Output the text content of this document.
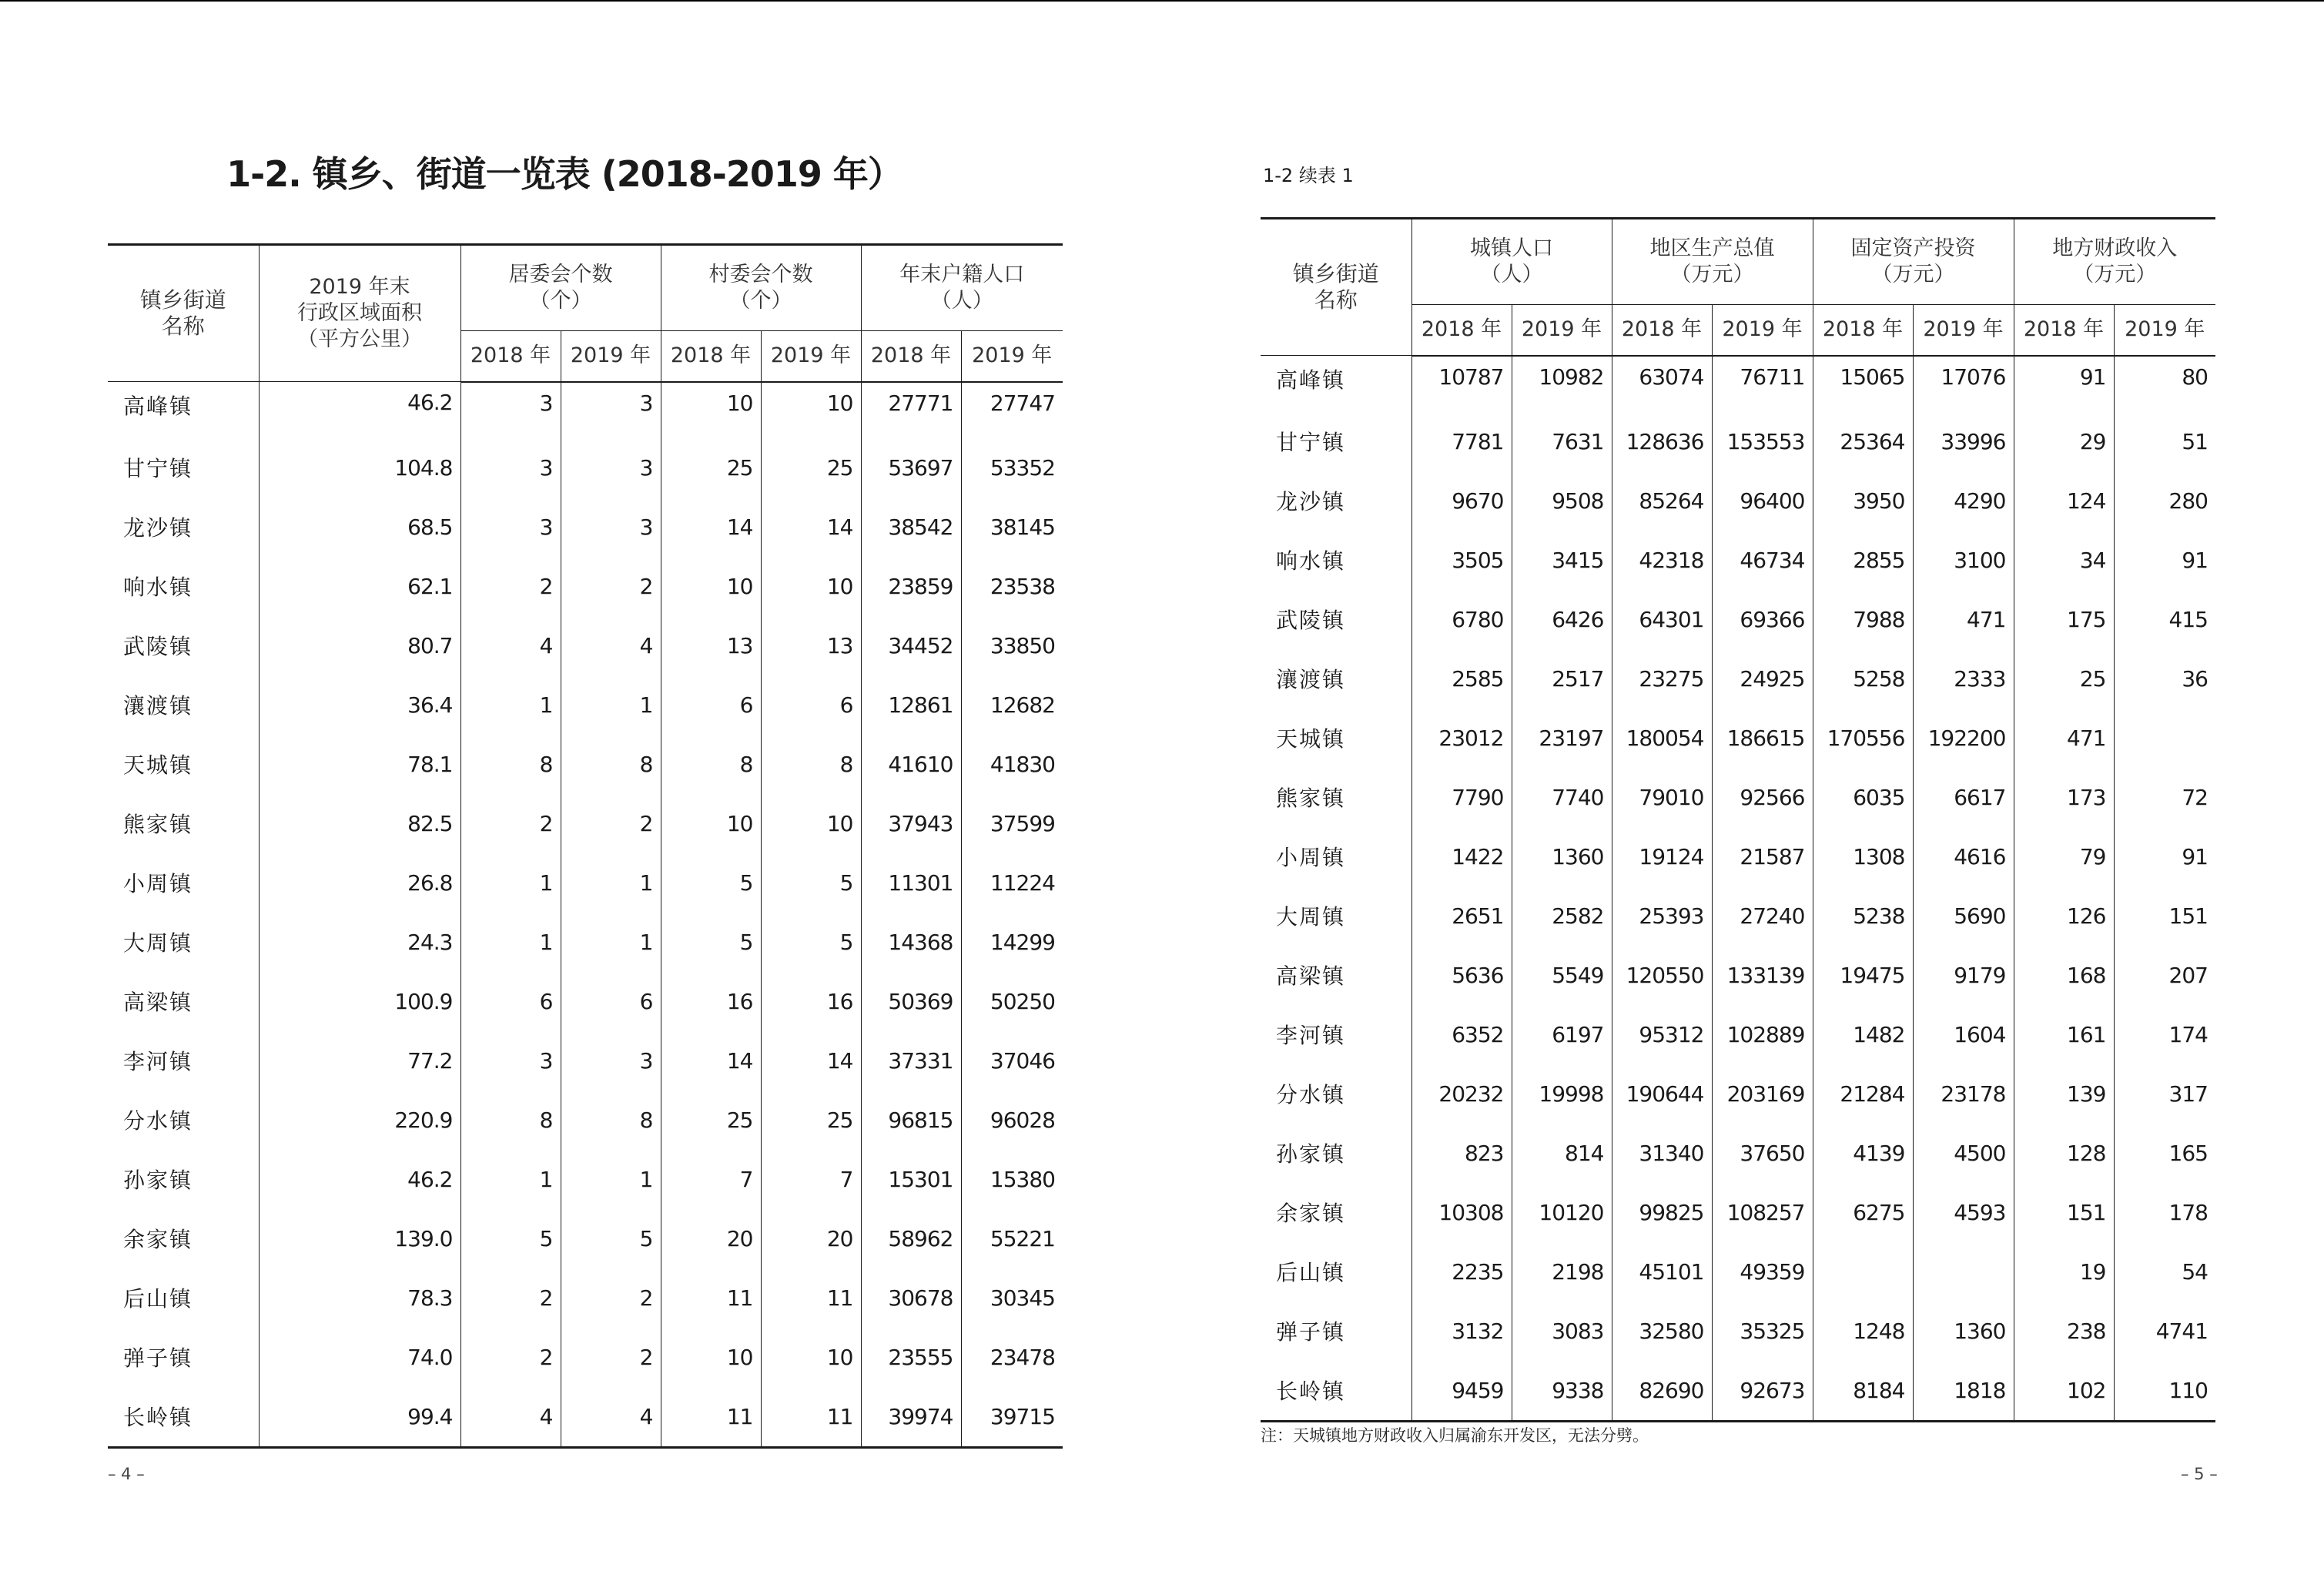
1-2. 镇乡、街道一览表 (2018-2019 年）
镇乡街道
名称	2019 年末
行政区域面积
（平方公里）	居委会个数
（个）		村委会个数
（个）		年末户籍人口
（人）	
		2018 年	2019 年	2018 年	2019 年	2018 年	2019 年
高峰镇	46.2	3	3	10	10	27771	27747
甘宁镇	104.8	3	3	25	25	53697	53352
龙沙镇	68.5	3	3	14	14	38542	38145
响水镇	62.1	2	2	10	10	23859	23538
武陵镇	80.7	4	4	13	13	34452	33850
瀼渡镇	36.4	1	1	6	6	12861	12682
天城镇	78.1	8	8	8	8	41610	41830
熊家镇	82.5	2	2	10	10	37943	37599
小周镇	26.8	1	1	5	5	11301	11224
大周镇	24.3	1	1	5	5	14368	14299
高梁镇	100.9	6	6	16	16	50369	50250
李河镇	77.2	3	3	14	14	37331	37046
分水镇	220.9	8	8	25	25	96815	96028
孙家镇	46.2	1	1	7	7	15301	15380
余家镇	139.0	5	5	20	20	58962	55221
后山镇	78.3	2	2	11	11	30678	30345
弹子镇	74.0	2	2	10	10	23555	23478
长岭镇	99.4	4	4	11	11	39974	39715
– 4 –
1-2 续表 1
镇乡街道
名称	城镇人口
（人）		地区生产总值
（万元）		固定资产投资
（万元）		地方财政收入
（万元）	
	2018 年	2019 年	2018 年	2019 年	2018 年	2019 年	2018 年	2019 年
高峰镇	10787	10982	63074	76711	15065	17076	91	80
甘宁镇	7781	7631	128636	153553	25364	33996	29	51
龙沙镇	9670	9508	85264	96400	3950	4290	124	280
响水镇	3505	3415	42318	46734	2855	3100	34	91
武陵镇	6780	6426	64301	69366	7988	471	175	415
瀼渡镇	2585	2517	23275	24925	5258	2333	25	36
天城镇	23012	23197	180054	186615	170556	192200	471	
熊家镇	7790	7740	79010	92566	6035	6617	173	72
小周镇	1422	1360	19124	21587	1308	4616	79	91
大周镇	2651	2582	25393	27240	5238	5690	126	151
高梁镇	5636	5549	120550	133139	19475	9179	168	207
李河镇	6352	6197	95312	102889	1482	1604	161	174
分水镇	20232	19998	190644	203169	21284	23178	139	317
孙家镇	823	814	31340	37650	4139	4500	128	165
余家镇	10308	10120	99825	108257	6275	4593	151	178
后山镇	2235	2198	45101	49359			19	54
弹子镇	3132	3083	32580	35325	1248	1360	238	4741
长岭镇	9459	9338	82690	92673	8184	1818	102	110
注：天城镇地方财政收入归属渝东开发区，无法分劈。
– 5 –
